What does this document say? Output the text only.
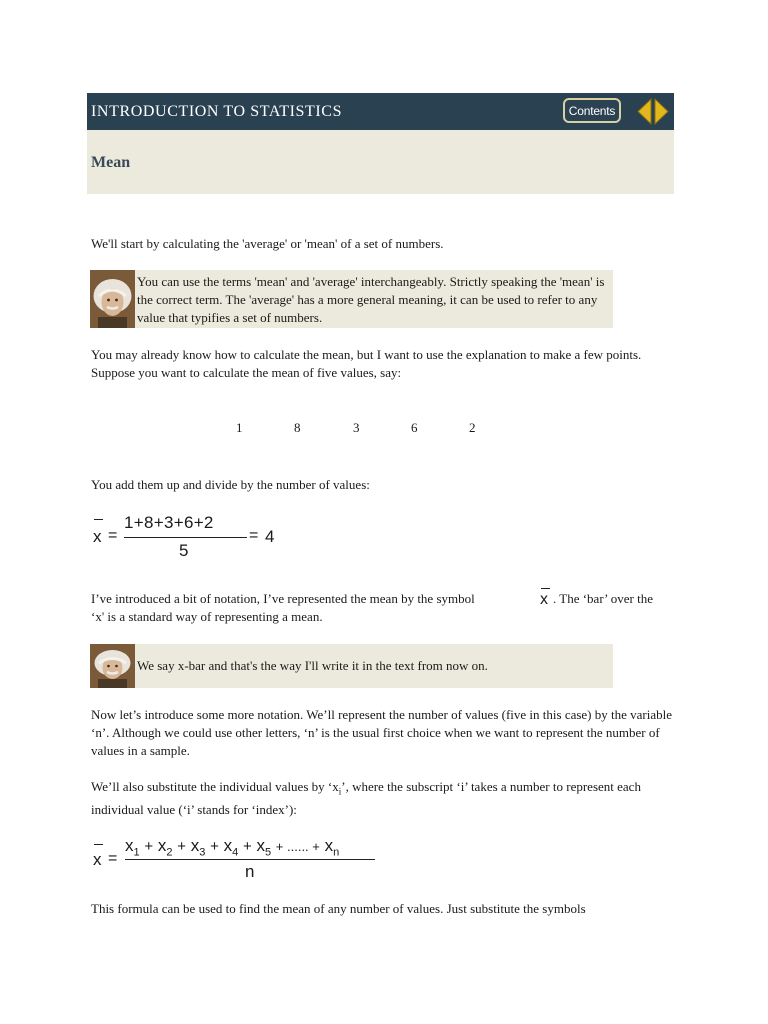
INTRODUCTION TO STATISTICS	Contents
Mean

We'll start by calculating the 'average' or 'mean' of a set of numbers.

You can use the terms 'mean' and 'average' interchangeably. Strictly speaking the 'mean' is the correct term. The 'average' has a more general meaning, it can be used to refer to any value that typifies a set of numbers.

You may already know how to calculate the mean, but I want to use the explanation to make a few points. Suppose you want to calculate the mean of five values, say:

1	8	3	6	2

You add them up and divide by the number of values:

x =
1+8+3+6+2
5
= 4
I’ve introduced a bit of notation, I’ve represented the mean by the symbol	x . The ‘bar’ over the
‘x' is a standard way of representing a mean.

We say x-bar and that's the way I'll write it in the text from now on.

Now let’s introduce some more notation. We’ll represent the number of values (five in this case) by the variable ‘n’. Although we could use other letters, ‘n’ is the usual first choice when we want to represent the number of values in a sample.

We’ll also substitute the individual values by ‘$x_i$’, where the subscript ‘i’ takes a number to represent each individual value (‘i’ stands for ‘index’):
x =
$x_1 + x_2 + x_3 + x_4 + x_5$ + ...... + $x_n$
n

This formula can be used to find the mean of any number of values. Just substitute the symbols
